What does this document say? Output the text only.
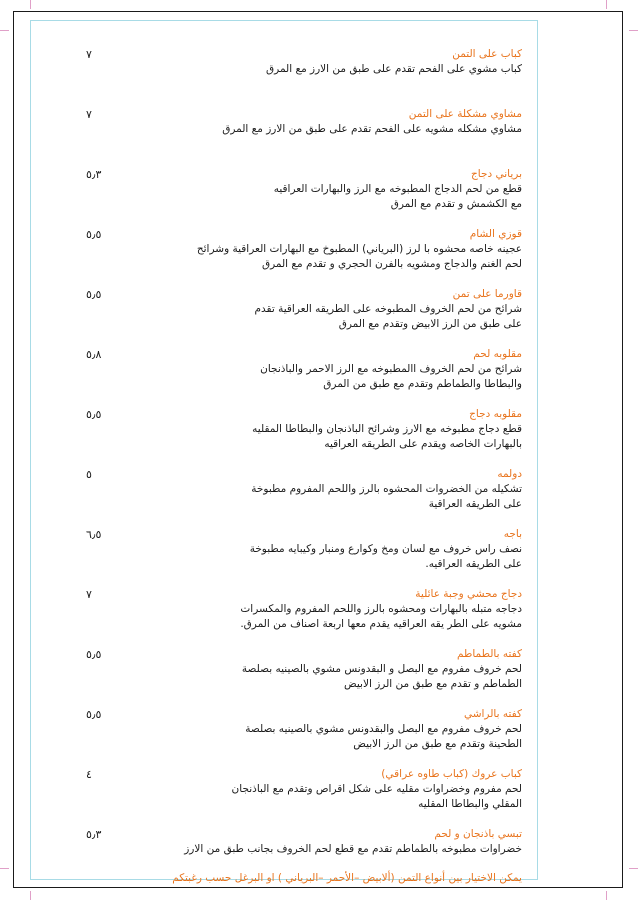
كباب على التمن
كباب مشوي على الفحم تقدم على طبق من الارز مع المرق
٧
مشاوي مشكلة على التمن
مشاوي مشكله مشويه على الفحم تقدم على طبق من الارز مع المرق
٧
برياني دجاج
قطع من لحم الدجاج المطبوخه مع الرز والبهارات العراقيه
مع الكشمش و تقدم مع المرق
٥٫٣
قوزي الشام
عجينه خاصه محشوه با لرز (البرياني) المطبوخ مع البهارات العراقية وشرائح
لحم الغنم والدجاج ومشويه بالفرن الحجري و تقدم مع المرق
٥٫٥
قاورما على تمن
شرائح من لحم الخروف المطبوخه على الطريقه العراقية تقدم
على طبق من الرز الابيض وتقدم مع المرق
٥٫٥
مقلوبه لحم
شرائح من لحم الخروف االمطبوخه مع الرز الاحمر والباذنجان
والبطاطا والطماطم وتقدم مع طبق من المرق
٥٫٨
مقلوبه دجاج
قطع دجاج مطبوخه مع الارز وشرائح الباذنجان والبطاطا المقليه
بالبهارات الخاصه ويقدم على الطريقه العراقيه
٥٫٥
دولمه
تشكيله من الخضروات المحشوه بالرز واللحم المفروم مطبوخة
على الطريقه العراقية
٥
باجه
نصف راس خروف مع لسان ومخ وكوارع ومنبار وكيبايه مطبوخة
على الطريقه العراقيه.
٦٫٥
دجاج محشي وجبة عائلية
دجاجه متبله بالبهارات ومحشوه بالرز واللحم المفروم والمكسرات
مشويه على الطر يقه العراقيه يقدم معها اربعة اصناف من المرق.
٧
كفته بالطماطم
لحم خروف مفروم مع البصل و البقدونس مشوي بالصينيه بصلصة
الطماطم و تقدم مع طبق من الرز الابيض
٥٫٥
كفته بالراشي
لحم خروف مفروم مع البصل والبقدونس مشوي بالصينيه بصلصة
الطحينة وتقدم مع طبق من الرز الابيض
٥٫٥
كباب عروك (كباب طاوه عراقي)
لحم مفروم وخضراوات مقليه على شكل اقراص وتقدم مع الباذنجان
المقلي والبطاطا المقليه
٤
تبسي باذنجان و لحم
خضراوات مطبوخه بالطماطم تقدم مع قطع لحم الخروف بجانب طبق من الارز
٥٫٣
يمكن الاختيار بين أنواع التمن (ألابيض –الأحمر –البرياني ) او البرغل حسب رغبتكم
